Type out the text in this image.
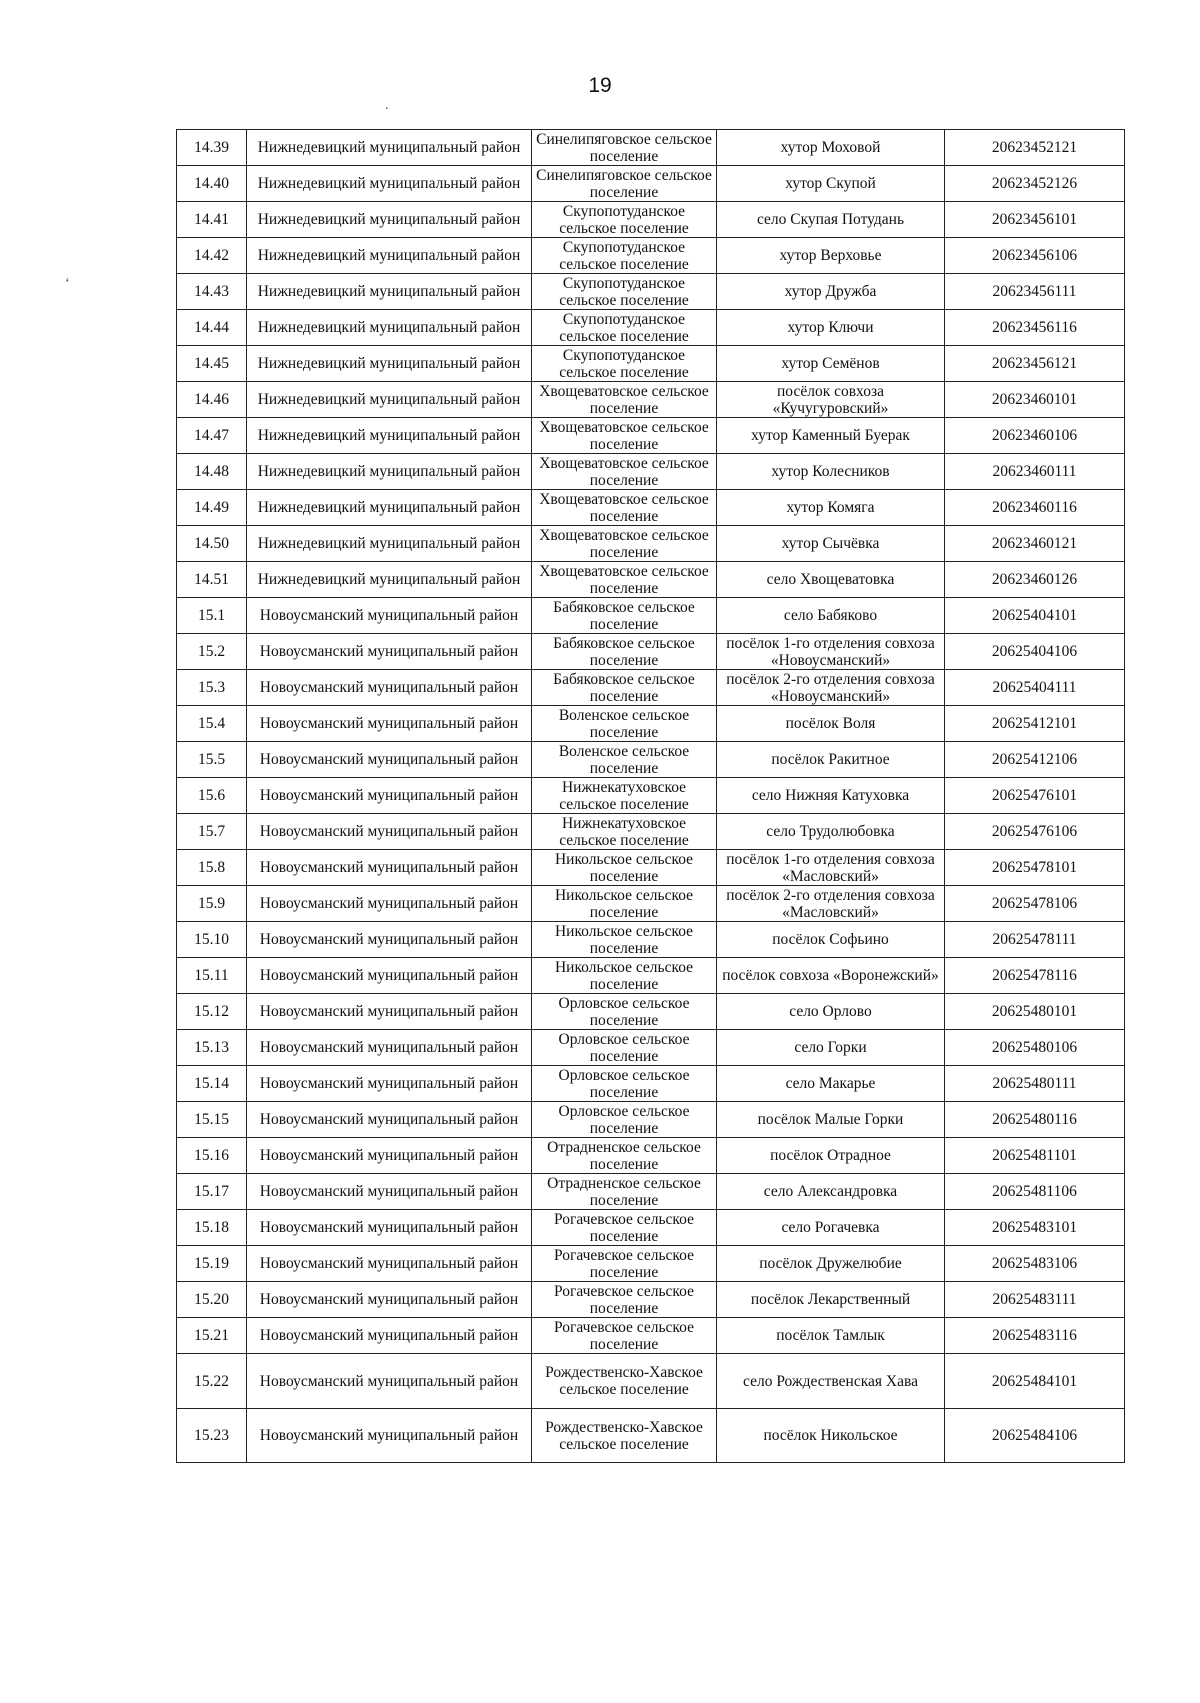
19
.
‘
14.39	Нижнедевицкий муниципальный район	Синелипяговское сельское поселение	хутор Моховой	20623452121
14.40	Нижнедевицкий муниципальный район	Синелипяговское сельское поселение	хутор Скупой	20623452126
14.41	Нижнедевицкий муниципальный район	Скупопотуданское сельское поселение	село Скупая Потудань	20623456101
14.42	Нижнедевицкий муниципальный район	Скупопотуданское сельское поселение	хутор Верховье	20623456106
14.43	Нижнедевицкий муниципальный район	Скупопотуданское сельское поселение	хутор Дружба	20623456111
14.44	Нижнедевицкий муниципальный район	Скупопотуданское сельское поселение	хутор Ключи	20623456116
14.45	Нижнедевицкий муниципальный район	Скупопотуданское сельское поселение	хутор Семёнов	20623456121
14.46	Нижнедевицкий муниципальный район	Хвощеватовское сельское поселение	посёлок совхоза «Кучугуровский»	20623460101
14.47	Нижнедевицкий муниципальный район	Хвощеватовское сельское поселение	хутор Каменный Буерак	20623460106
14.48	Нижнедевицкий муниципальный район	Хвощеватовское сельское поселение	хутор Колесников	20623460111
14.49	Нижнедевицкий муниципальный район	Хвощеватовское сельское поселение	хутор Комяга	20623460116
14.50	Нижнедевицкий муниципальный район	Хвощеватовское сельское поселение	хутор Сычёвка	20623460121
14.51	Нижнедевицкий муниципальный район	Хвощеватовское сельское поселение	село Хвощеватовка	20623460126
15.1	Новоусманский муниципальный район	Бабяковское сельское поселение	село Бабяково	20625404101
15.2	Новоусманский муниципальный район	Бабяковское сельское поселение	посёлок 1-го отделения совхоза «Новоусманский»	20625404106
15.3	Новоусманский муниципальный район	Бабяковское сельское поселение	посёлок 2-го отделения совхоза «Новоусманский»	20625404111
15.4	Новоусманский муниципальный район	Воленское сельское поселение	посёлок Воля	20625412101
15.5	Новоусманский муниципальный район	Воленское сельское поселение	посёлок Ракитное	20625412106
15.6	Новоусманский муниципальный район	Нижнекатуховское сельское поселение	село Нижняя Катуховка	20625476101
15.7	Новоусманский муниципальный район	Нижнекатуховское сельское поселение	село Трудолюбовка	20625476106
15.8	Новоусманский муниципальный район	Никольское сельское поселение	посёлок 1-го отделения совхоза «Масловский»	20625478101
15.9	Новоусманский муниципальный район	Никольское сельское поселение	посёлок 2-го отделения совхоза «Масловский»	20625478106
15.10	Новоусманский муниципальный район	Никольское сельское поселение	посёлок Софьино	20625478111
15.11	Новоусманский муниципальный район	Никольское сельское поселение	посёлок совхоза «Воронежский»	20625478116
15.12	Новоусманский муниципальный район	Орловское сельское поселение	село Орлово	20625480101
15.13	Новоусманский муниципальный район	Орловское сельское поселение	село Горки	20625480106
15.14	Новоусманский муниципальный район	Орловское сельское поселение	село Макарье	20625480111
15.15	Новоусманский муниципальный район	Орловское сельское поселение	посёлок Малые Горки	20625480116
15.16	Новоусманский муниципальный район	Отрадненское сельское поселение	посёлок Отрадное	20625481101
15.17	Новоусманский муниципальный район	Отрадненское сельское поселение	село Александровка	20625481106
15.18	Новоусманский муниципальный район	Рогачевское сельское поселение	село Рогачевка	20625483101
15.19	Новоусманский муниципальный район	Рогачевское сельское поселение	посёлок Дружелюбие	20625483106
15.20	Новоусманский муниципальный район	Рогачевское сельское поселение	посёлок Лекарственный	20625483111
15.21	Новоусманский муниципальный район	Рогачевское сельское поселение	посёлок Тамлык	20625483116
15.22	Новоусманский муниципальный район	Рождественско-Хавское сельское поселение	село Рождественская Хава	20625484101
15.23	Новоусманский муниципальный район	Рождественско-Хавское сельское поселение	посёлок Никольское	20625484106
